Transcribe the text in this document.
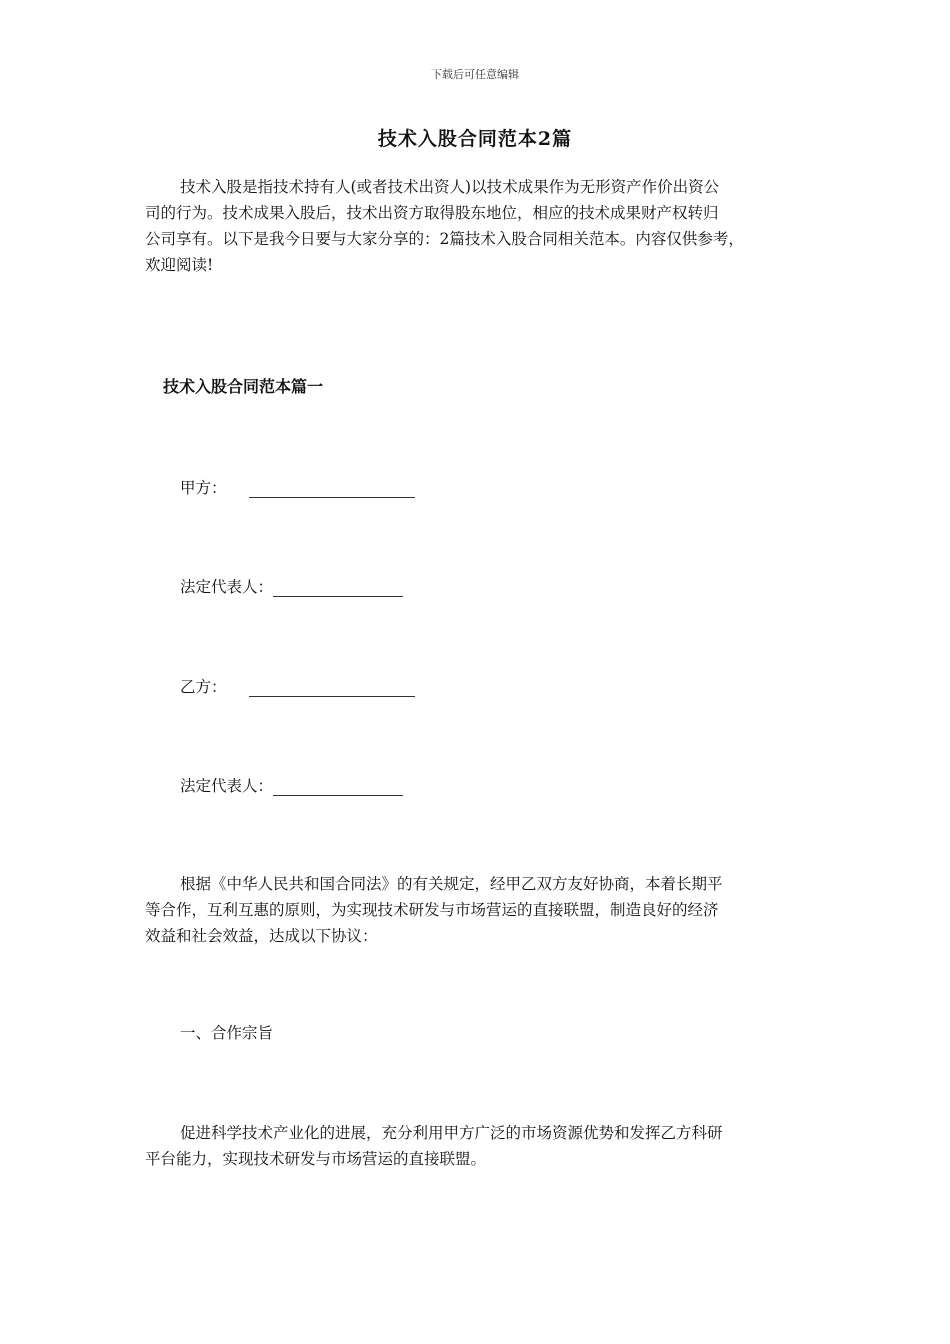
下载后可任意编辑
技术入股合同范本2篇
技术入股是指技术持有人(或者技术出资人)以技术成果作为无形资产作价出资公
司的行为。技术成果入股后，技术出资方取得股东地位，相应的技术成果财产权转归
公司享有。以下是我今日要与大家分享的：2篇技术入股合同相关范本。内容仅供参考，
欢迎阅读!
技术入股合同范本篇一
甲方：
法定代表人：
乙方：
法定代表人：
根据《中华人民共和国合同法》的有关规定，经甲乙双方友好协商，本着长期平
等合作，互利互惠的原则，为实现技术研发与市场营运的直接联盟，制造良好的经济
效益和社会效益，达成以下协议：
一、合作宗旨
促进科学技术产业化的进展，充分利用甲方广泛的市场资源优势和发挥乙方科研
平台能力，实现技术研发与市场营运的直接联盟。
